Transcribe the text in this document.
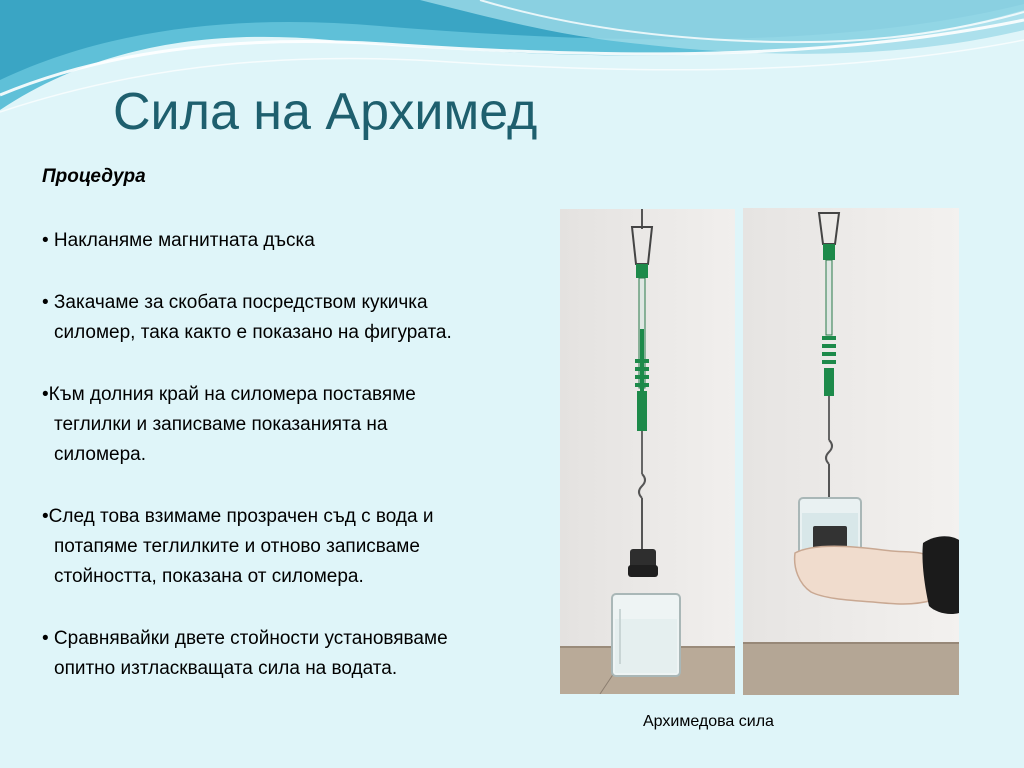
Сила на Архимед
Процедура
• Накланяме магнитната дъска
• Закачаме за скобата посредством кукичка
силомер, така както е показано на фигурата.
•Към долния край на силомера поставяме
теглилки и записваме показанията на
силомера.
•След това взимаме прозрачен съд с вода и
потапяме теглилките и отново записваме
стойността, показана от силомера.
• Сравнявайки двете стойности установяваме
опитно изтласкващата сила на водата.
Архимедова сила
